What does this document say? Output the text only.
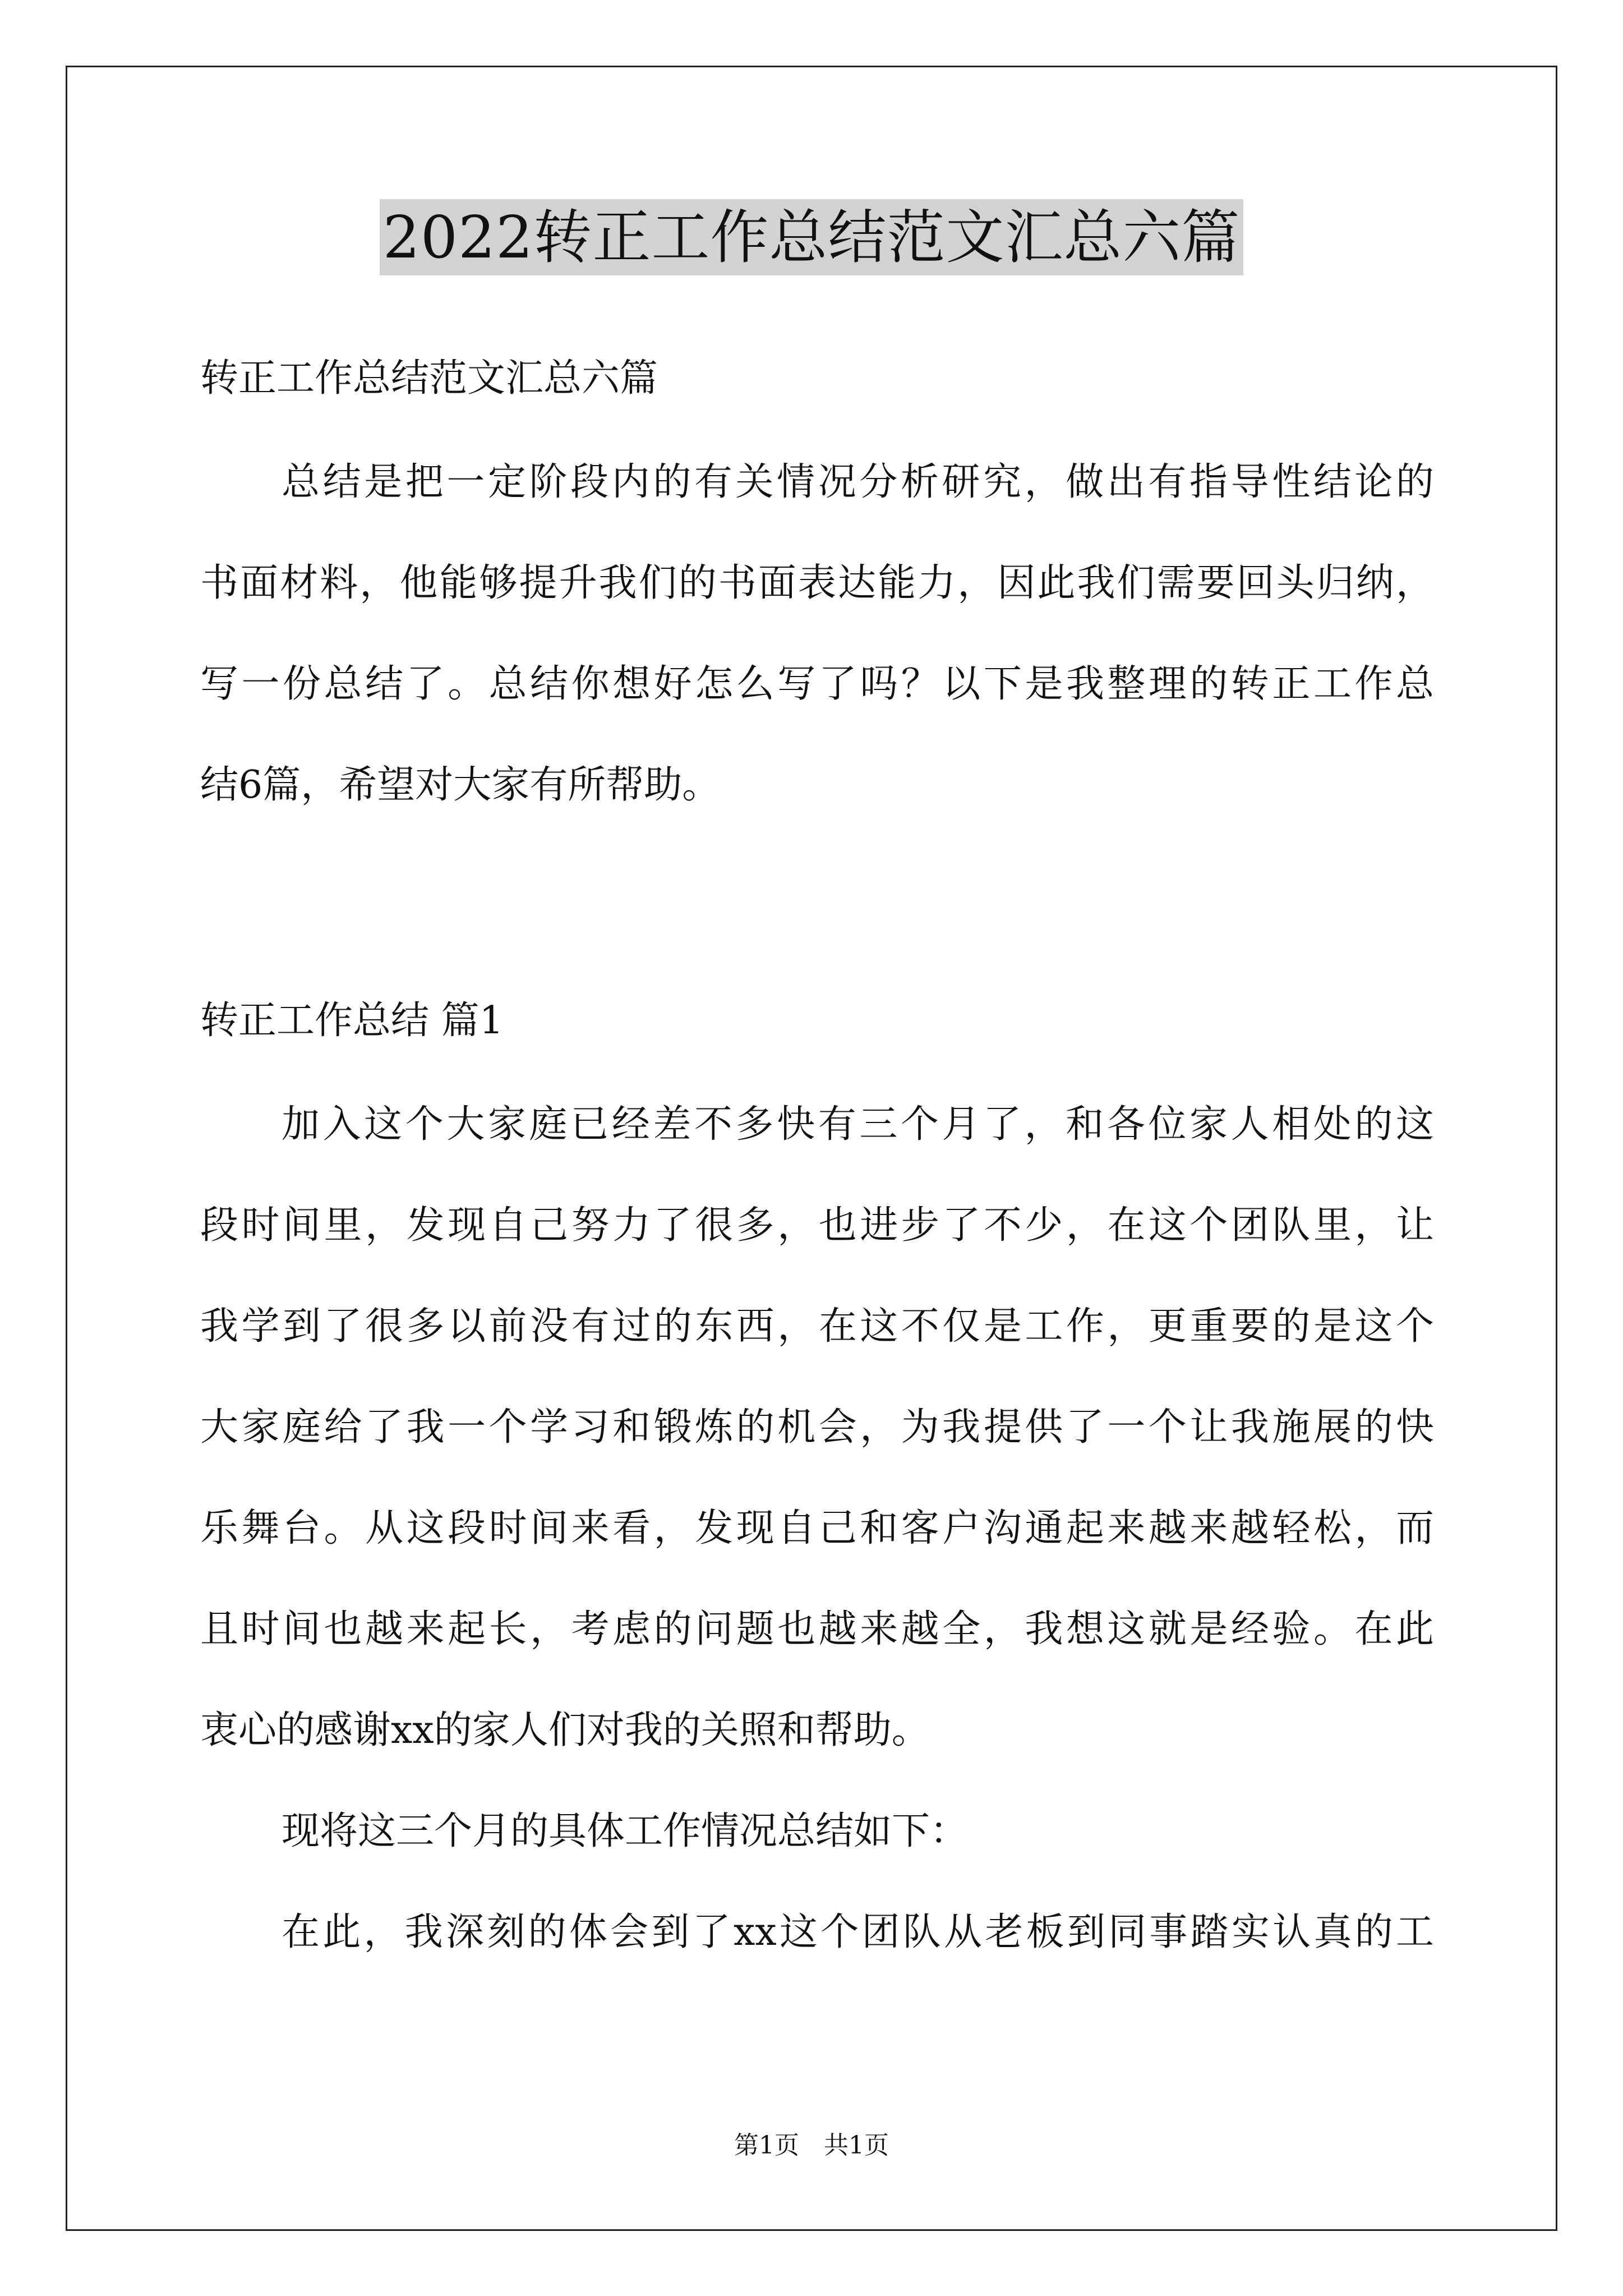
2022转正工作总结范文汇总六篇
转正工作总结范文汇总六篇
总结是把一定阶段内的有关情况分析研究，做出有指导性结论的
书面材料，他能够提升我们的书面表达能力，因此我们需要回头归纳，
写一份总结了。总结你想好怎么写了吗？以下是我整理的转正工作总
结6篇，希望对大家有所帮助。
转正工作总结 篇1
加入这个大家庭已经差不多快有三个月了，和各位家人相处的这
段时间里，发现自己努力了很多，也进步了不少，在这个团队里，让
我学到了很多以前没有过的东西，在这不仅是工作，更重要的是这个
大家庭给了我一个学习和锻炼的机会，为我提供了一个让我施展的快
乐舞台。从这段时间来看，发现自己和客户沟通起来越来越轻松，而
且时间也越来起长，考虑的问题也越来越全，我想这就是经验。在此
衷心的感谢xx的家人们对我的关照和帮助。
现将这三个月的具体工作情况总结如下：
在此，我深刻的体会到了xx这个团队从老板到同事踏实认真的工
第1页　共1页
